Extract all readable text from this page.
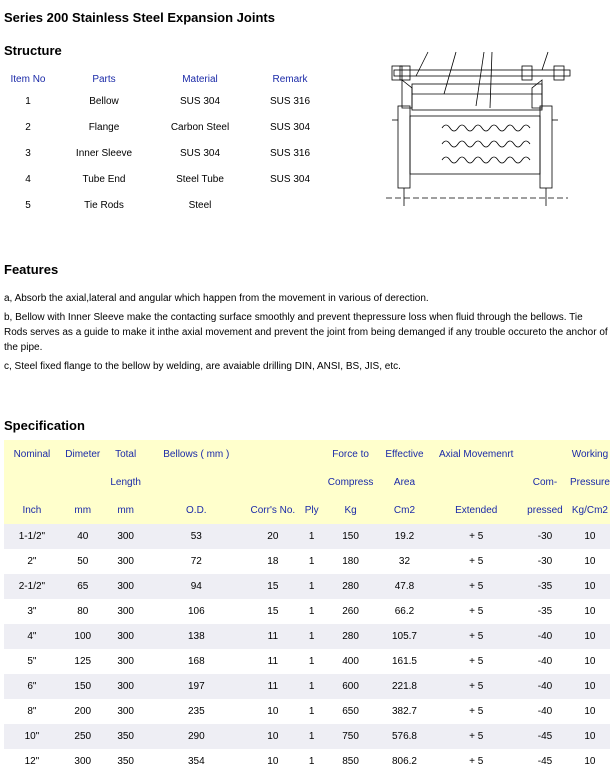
Series 200 Stainless Steel Expansion Joints
Structure
Item No	Parts	Material	Remark
1	Bellow	SUS 304	SUS 316
2	Flange	Carbon Steel	SUS 304
3	Inner Sleeve	SUS 304	SUS 316
4	Tube End	Steel Tube	SUS 304
5	Tie Rods	Steel	
Features
a, Absorb the axial,lateral and angular which happen from the movement in various of derection.
b, Bellow with Inner Sleeve make the contacting surface smoothly and prevent thepressure loss when fluid through the bellows. Tie Rods serves as a guide to make it inthe axial movement and prevent the joint from being demanged if any trouble occureto the anchor of the pipe.
c, Steel fixed flange to the bellow by welding, are avaiable drilling DIN, ANSI, BS, JIS, etc.
Specification
Nominal	Dimeter	Total	Bellows ( mm )			Force to	Effective	Axial Movemenrt		Working
		Length				Compress	Area		Com-	Pressure
Inch	mm	mm	O.D.	Corr's No.	Ply	Kg	Cm2	Extended	pressed	Kg/Cm2
1-1/2"	40	300	53	20	1	150	19.2	+ 5	-30	10
2"	50	300	72	18	1	180	32	+ 5	-30	10
2-1/2"	65	300	94	15	1	280	47.8	+ 5	-35	10
3"	80	300	106	15	1	260	66.2	+ 5	-35	10
4"	100	300	138	11	1	280	105.7	+ 5	-40	10
5"	125	300	168	11	1	400	161.5	+ 5	-40	10
6"	150	300	197	11	1	600	221.8	+ 5	-40	10
8"	200	300	235	10	1	650	382.7	+ 5	-40	10
10"	250	350	290	10	1	750	576.8	+ 5	-45	10
12"	300	350	354	10	1	850	806.2	+ 5	-45	10
